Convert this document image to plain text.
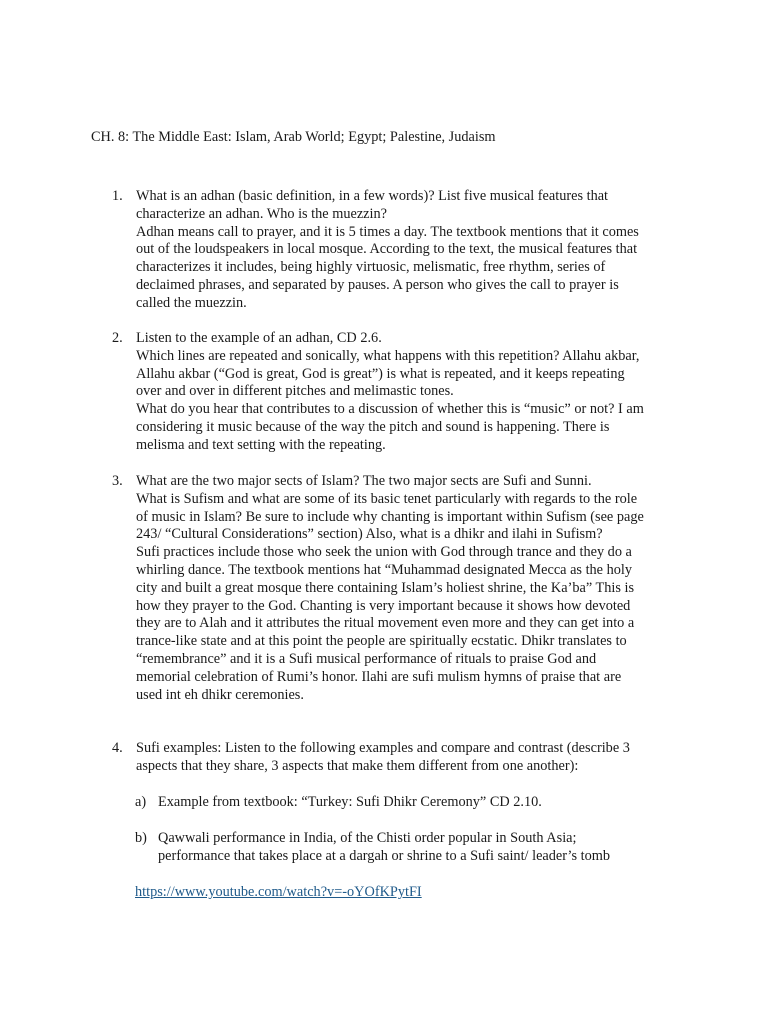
CH. 8: The Middle East: Islam, Arab World; Egypt; Palestine, Judaism
1. What is an adhan (basic definition, in a few words)? List five musical features that
characterize an adhan. Who is the muezzin?
Adhan means call to prayer, and it is 5 times a day. The textbook mentions that it comes
out of the loudspeakers in local mosque. According to the text, the musical features that
characterizes it includes, being highly virtuosic, melismatic, free rhythm, series of
declaimed phrases, and separated by pauses. A person who gives the call to prayer is
called the muezzin.
2. Listen to the example of an adhan, CD 2.6.
Which lines are repeated and sonically, what happens with this repetition? Allahu akbar,
Allahu akbar (“God is great, God is great”) is what is repeated, and it keeps repeating
over and over in different pitches and melimastic tones.
What do you hear that contributes to a discussion of whether this is “music” or not? I am
considering it music because of the way the pitch and sound is happening. There is
melisma and text setting with the repeating.
3. What are the two major sects of Islam? The two major sects are Sufi and Sunni.
What is Sufism and what are some of its basic tenet particularly with regards to the role
of music in Islam? Be sure to include why chanting is important within Sufism (see page
243/ “Cultural Considerations” section) Also, what is a dhikr and ilahi in Sufism?
Sufi practices include those who seek the union with God through trance and they do a
whirling dance. The textbook mentions hat “Muhammad designated Mecca as the holy
city and built a great mosque there containing Islam’s holiest shrine, the Ka’ba” This is
how they prayer to the God. Chanting is very important because it shows how devoted
they are to Alah and it attributes the ritual movement even more and they can get into a
trance-like state and at this point the people are spiritually ecstatic. Dhikr translates to
“remembrance” and it is a Sufi musical performance of rituals to praise God and
memorial celebration of Rumi’s honor. Ilahi are sufi mulism hymns of praise that are
used int eh dhikr ceremonies.
4. Sufi examples: Listen to the following examples and compare and contrast (describe 3
aspects that they share, 3 aspects that make them different from one another):
a) Example from textbook: “Turkey: Sufi Dhikr Ceremony” CD 2.10.
b) Qawwali performance in India, of the Chisti order popular in South Asia;
performance that takes place at a dargah or shrine to a Sufi saint/ leader’s tomb
https://www.youtube.com/watch?v=-oYOfKPytFI
